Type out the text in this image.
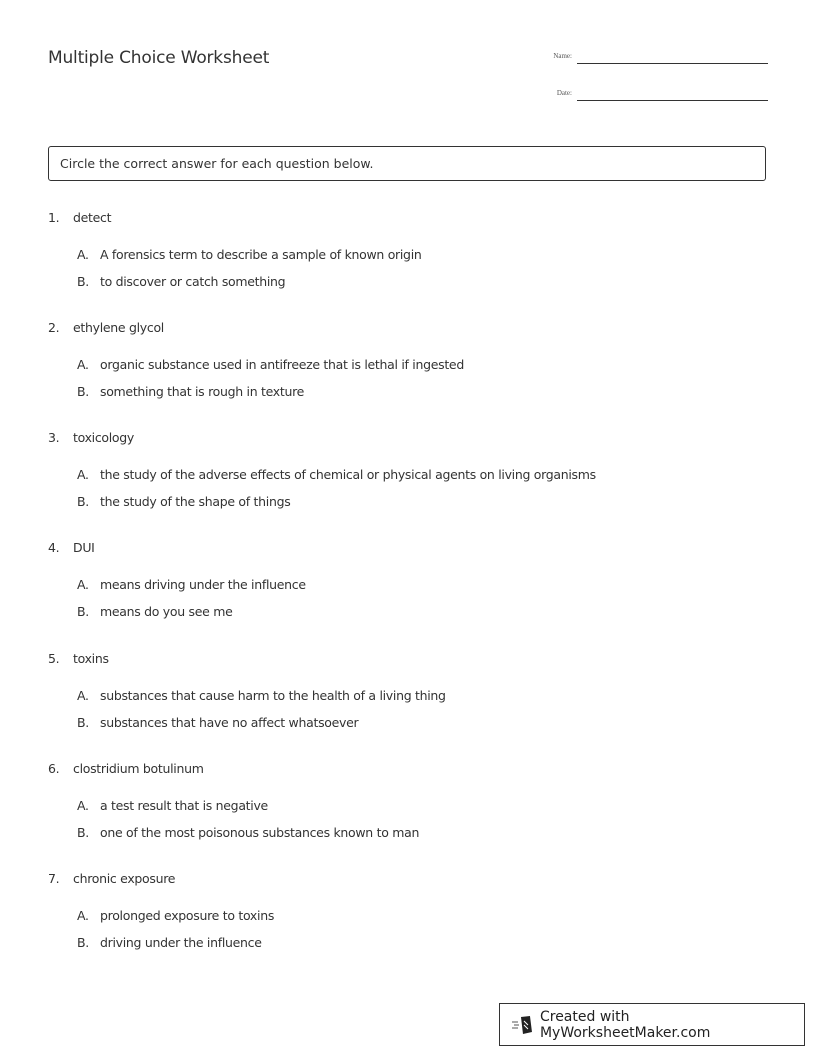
Multiple Choice Worksheet	Name:
Date:
Circle the correct answer for each question below.
1.	detect
A. A forensics term to describe a sample of known origin
B. to discover or catch something
2.	ethylene glycol
A. organic substance used in antifreeze that is lethal if ingested
B. something that is rough in texture
3.	toxicology
A. the study of the adverse effects of chemical or physical agents on living organisms
B. the study of the shape of things
4.	DUI
A. means driving under the influence
B. means do you see me
5.	toxins
A. substances that cause harm to the health of a living thing
B. substances that have no affect whatsoever
6.	clostridium botulinum
A. a test result that is negative
B. one of the most poisonous substances known to man
7.	chronic exposure
A. prolonged exposure to toxins
B. driving under the influence
Created with MyWorksheetMaker.com
